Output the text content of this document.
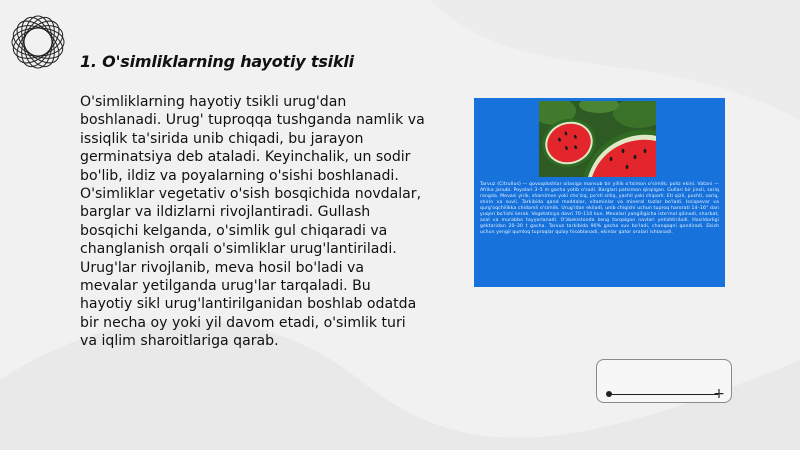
1. O'simliklarning hayotiy tsikli

O'simliklarning hayotiy tsikli urug'dan boshlanadi. Urug' tuproqqa tushganda namlik va issiqlik ta'sirida unib chiqadi, bu jarayon germinatsiya deb ataladi. Keyinchalik, un sodir bo'lib, ildiz va poyalarning o'sishi boshlanadi. O'simliklar vegetativ o'sish bosqichida novdalar, barglar va ildizlarni rivojlantiradi. Gullash bosqichi kelganda, o'simlik gul chiqaradi va changlanish orqali o'simliklar urug'lantiriladi. Urug'lar rivojlanib, meva hosil bo'ladi va mevalar yetilganda urug'lar tarqaladi. Bu hayotiy sikl urug'lantirilganidan boshlab odatda bir necha oy yoki yil davom etadi, o'simlik turi va iqlim sharoitlariga qarab.

Tarvuz (Citrullus) — qovoqdoshlar oilasiga mansub bir yillik o'tsimon o'simlik; poliz ekini. Vatani — Afrika janubi. Poyalari 3–5 m gacha yotib o'sadi. Barglari patsimon qirqilgan. Gullari bir jinsli, sariq rangda. Mevasi yirik, sharsimon yoki cho'ziq, po'sti silliq, yashil yoki chiporli. Eti qizil, pushti, sariq, shirin va suvli. Tarkibida qand moddalar, vitaminlar va mineral tuzlar bo'ladi. Issiqsevar va qurg'oqchilikka chidamli o'simlik. Urug'idan ekiladi, unib chiqishi uchun tuproq harorati 14–16° dan yuqori bo'lishi kerak. Vegetatsiya davri 70–110 kun. Mevalari yangiligicha iste'mol qilinadi, sharbat, asal va murabbo tayyorlanadi. O'zbekistonda keng tarqalgan navlari yetishtiriladi. Hosildorligi gektaridan 20–30 t gacha. Tarvuz tarkibida 90% gacha suv bo'ladi, chanqoqni qondiradi. Ekish uchun yengil qumloq tuproqlar qulay hisoblanadi, ekinlar qator oralari ishlanadi.

+
